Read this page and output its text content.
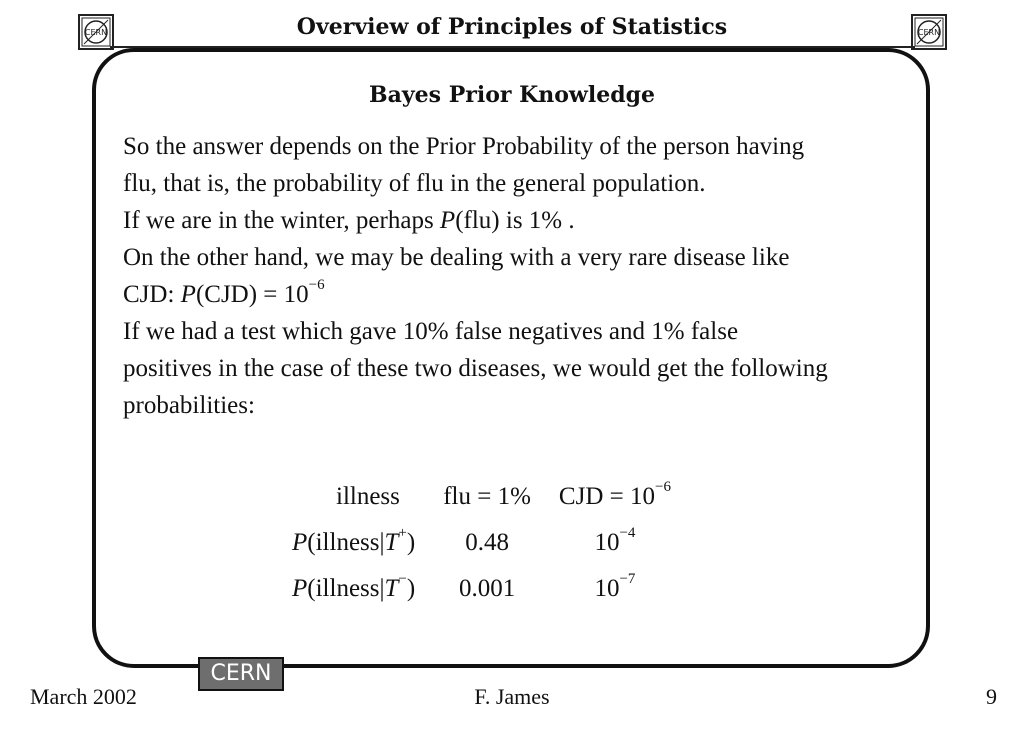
CERN	CERN
Overview of Principles of Statistics
Bayes Prior Knowledge
So the answer depends on the Prior Probability of the person having
flu, that is, the probability of flu in the general population.
If we are in the winter, perhaps P(flu) is 1% .
On the other hand, we may be dealing with a very rare disease like
CJD: $P(CJD) = 10^{-6}$
If we had a test which gave 10% false negatives and 1% false
positives in the case of these two diseases, we would get the following
probabilities:
illness	flu = 1%	CJD = $10^{-6}$
P(illness|T+)	0.48	$10^{-4}$
P(illness|T−)	0.001	$10^{-7}$
CERN
March 2002	F. James	9
